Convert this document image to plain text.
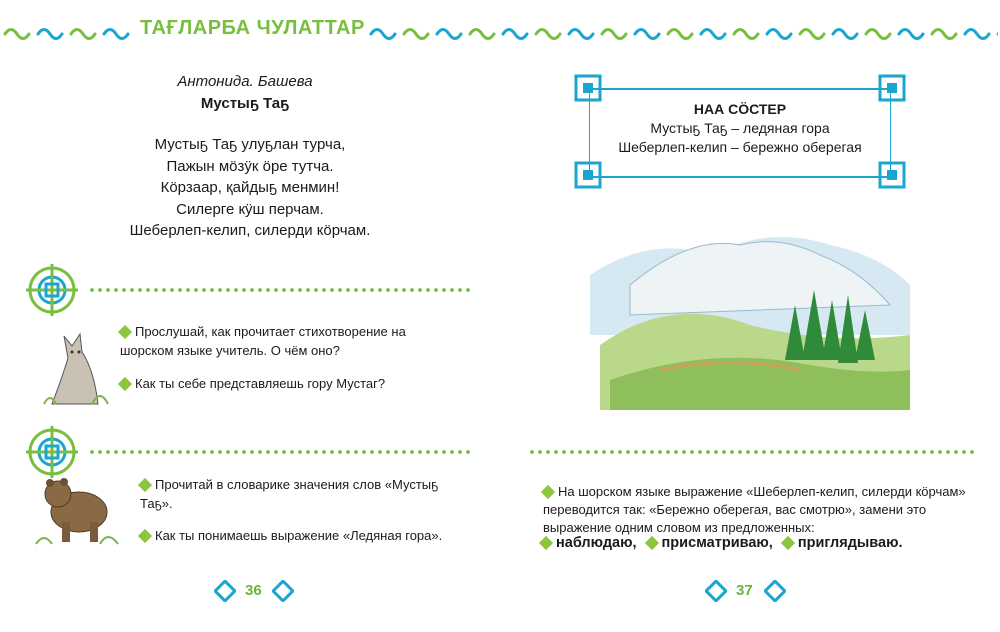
ТАҒЛАРБА ЧУЛАТТАР
Антонида. Башева
Мустыҕ Таҕ
Мустыҕ Таҕ улуҕлан турча,
Пажын мӧзӱк ӧре тутча.
Кӧрзаар, қайдыҕ менмин!
Силерге кӱш перчам.
Шеберлеп-келип, силерди кӧрчам.
Прослушай, как прочитает стихотворение на шорском языке учитель. О чём оно?
Как ты себе представляешь гору Мустаг?
Прочитай в словарике значения слов «Мустыҕ Таҕ».
Как ты понимаешь выражение «Ледяная гора».
36
НАА СӦСТЕР
Мустыҕ Таҕ – ледяная гора
Шеберлеп-келип – бережно оберегая
На шорском языке выражение «Шеберлеп-келип, силерди кӧрчам» переводится так: «Бережно оберегая, вас смотрю», замени это выражение одним словом из предложенных:
наблюдаю, присматриваю, приглядываю.
37
